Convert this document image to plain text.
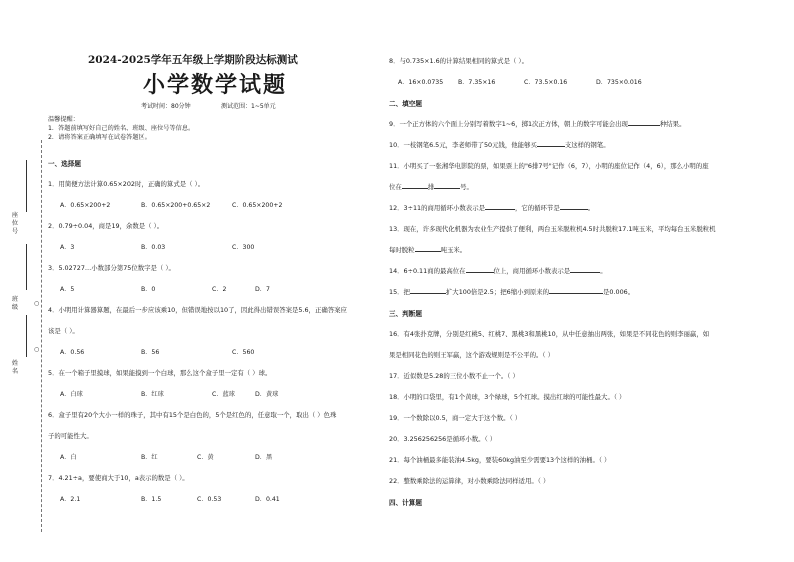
座位号
班级
姓名
○
○
2024-2025学年五年级上学期阶段达标测试
小学数学试题
考试时间：80分钟	测试范围：1~5单元
温馨提醒：
1．答题前填写好自己的姓名、班级、座位号等信息。
2．请将答案正确填写在试卷答题区。
一、选择题
1．用简便方法计算0.65×202时，正确的算式是（ ）。
A．0.65×200+2	B．0.65×200+0.65×2	C．0.65×200+2
2．0.79÷0.04，商是19，余数是（ ）。
A．3	B．0.03	C．300
3．5.02727…小数部分第75位数字是（ ）。
A．5	B．0	C．2	D．7
4．小明用计算器算题，在最后一步应该乘10，但错误地按以10了，因此得出错误答案是5.6，正确答案应
该是（ ）。
A．0.56	B．56	C．560
5．在一个箱子里摸球，如果能摸到一个白球，那么这个盒子里一定有（ ）球。
A．白球	B．红球	C．蓝球	D．黄球
6．盒子里有20个大小一样的珠子，其中有15个是白色的，5个是红色的，任意取一个，取出（ ）色珠
子的可能性大。
A．白	B．红	C．黄	D．黑
7．4.21÷a，要使商大于10，a表示的数是（ ）。
A．2.1	B．1.5	C．0.53	D．0.41
8．与0.735×1.6的计算结果相同的算式是（ ）。
A．16×0.0735 B．7.35×16	C．73.5×0.16	D．735×0.016
二、填空题
9．一个正方体的六个面上分别写着数字1~6，掷1次正方体，朝上的数字可能会出现	种结果。
10．一枝钢笔6.5元，李老师带了50元钱，他能够买	支这样的钢笔。
11．小明买了一张湘华电影院的票，如果票上的"6排7号"记作（6，7），小明的座位记作（4，6），那么小明的座
位在	排	号。
12．3÷11的商用循环小数表示是	，它的循环节是	。
13．现在，许多现代化机器为农业生产提供了便利，两台玉米脱粒机4.5时共脱粒17.1吨玉米，平均每台玉米脱粒机
每时脱粒	吨玉米。
14．6÷0.11商的最高位在	位上，商用循环小数表示是	。
15．把	扩大100倍是2.5；把6缩小到原来的	是0.006。
三、判断题
16．有4张扑克牌，分别是红桃5、红桃7、黑桃3和黑桃10，从中任意抽出两张，如果是不同花色的则李丽赢，如
果是相同花色的则王军赢，这个游戏规则是不公平的。（ ）
17．近似数是5.28的三位小数不止一个。（ ）
18．小明的口袋里，有1个黄球，3个绿球，5个红球。摸出红球的可能性最大。（ ）
19．一个数除以0.5，商一定大于这个数。（ ）
20．3.256256256是循环小数。（ ）
21．每个油桶最多能装油4.5kg，要装60kg油至少需要13个这样的油桶。（ ）
22．整数乘除法的运算律，对小数乘除法同样适用。（ ）
四、计算题
